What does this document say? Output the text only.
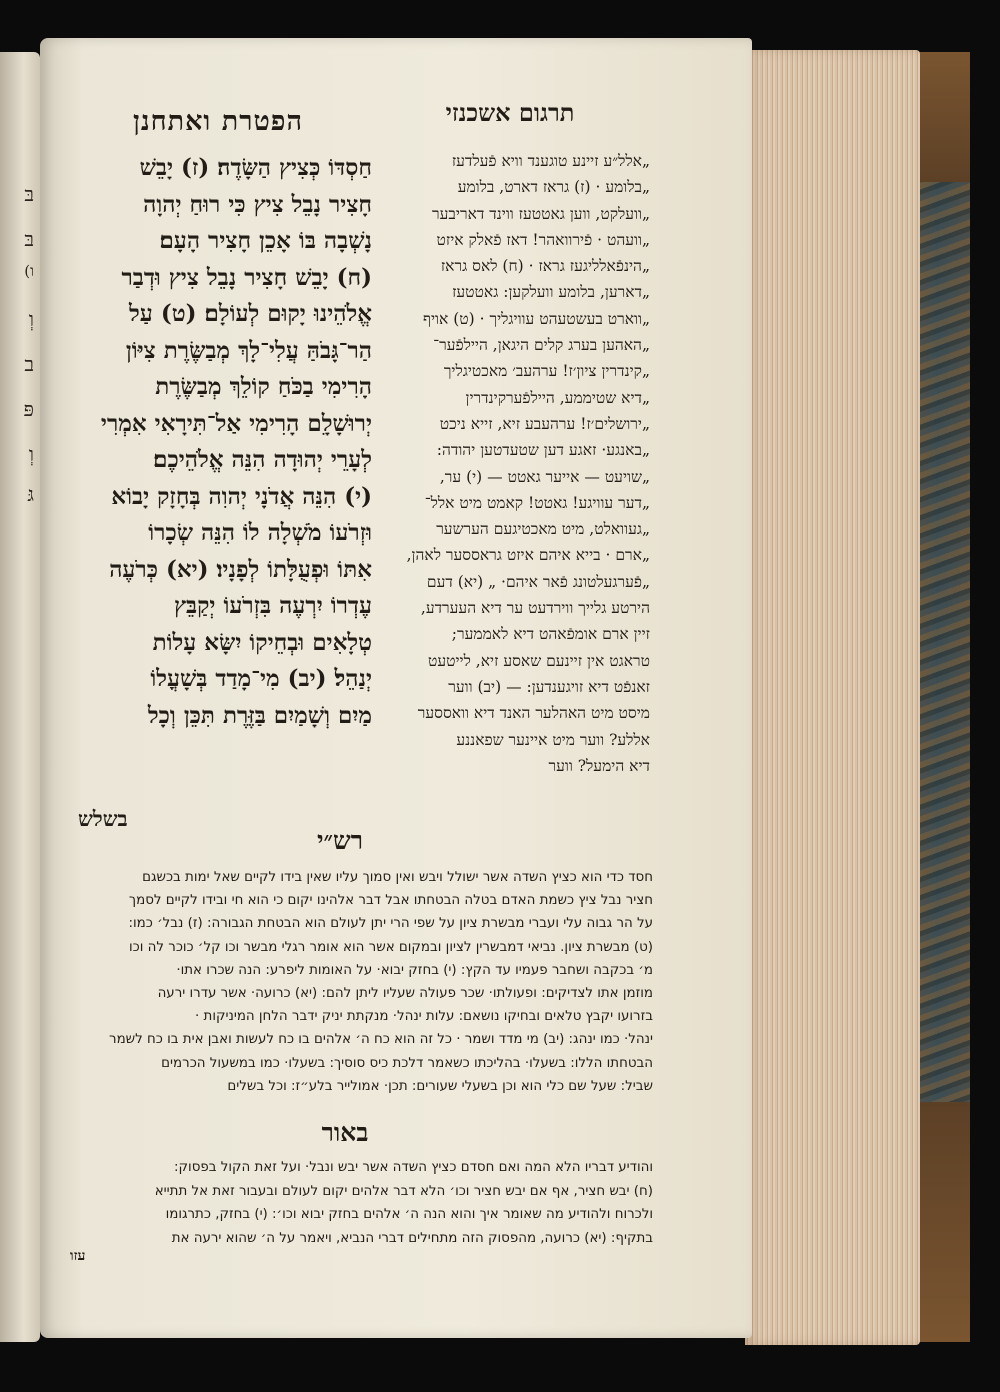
בּ
בּ
(ו
וְ
ב
פּ
וְ
גּ
הפטרת ואתחנן	תרגום אשכנזי
חַסְדּוֹ כְּצִיץ הַשָּׂדֶה׃ (ז) יָבֵשׁ
חָצִיר נָבֵל צִיץ כִּי רוּחַ יְהוָה
נָשְׁבָה בּוֹ אָכֵן חָצִיר הָעָם׃
(ח) יָבֵשׁ חָצִיר נָבֵל צִיץ וּדְבַר
אֱלֹהֵינוּ יָקוּם לְעוֹלָם׃ (ט) עַל
הַר־גָּבֹהַּ עֲלִי־לָךְ מְבַשֶּׂרֶת צִיּוֹן
הָרִימִי בַכֹּחַ קוֹלֵךְ מְבַשֶּׂרֶת
יְרוּשָׁלִָם הָרִימִי אַל־תִּירָאִי אִמְרִי
לְעָרֵי יְהוּדָה הִנֵּה אֱלֹהֵיכֶם׃
(י) הִנֵּה אֲדֹנָי יְהוִה בְּחָזָק יָבוֹא
וּזְרֹעוֹ מֹשְׁלָה לוֹ הִנֵּה שְׂכָרוֹ
אִתּוֹ וּפְעֻלָּתוֹ לְפָנָיו׃ (יא) כְּרֹעֶה
עֶדְרוֹ יִרְעֶה בִּזְרֹעוֹ יְקַבֵּץ
טְלָאִים וּבְחֵיקוֹ יִשָּׂא עָלוֹת
יְנַהֵל׃ (יב) מִי־מָדַד בְּשָׁעֳלוֹ
מַיִם וְשָׁמַיִם בַּזֶּרֶת תִּכֵּן וְכָל
בשלש
„אלל״ע זיינע טוגענד וויא פֿעלדעז
„בלומע · (ז) גראז דארט, בלומע
„וועלקט, ווען גאטטעז ווינד דאריבער
„וועהט · פֿירוואהר! דאז פֿאלק איזט
„הינפֿאלליגעז גראז · (ח) לאס גראז
„דארען, בלומע וועלקען: גאטטעז
„ווארט בעשטעהט עוויגליך · (ט) אויף
„האהען בערג קלים היגאן, היילפֿער־
„קינדרין ציון׳ז! ערהעב׳ מאכטיגליך
„דיא שטיממע, היילפֿערקינדרין
„ירושלים׳ז! ערהעבע זיא, זייא ניכט
„באנגע· זאגע דען שטעדטען יהודה:
„שויעט — אייער גאטט — (י) ער,
„דער עוויגע! גאטט! קאמט מיט אלל־
„געוואלט, מיט מאכטיגעם הערשער
„ארם · בייא איהם איזט גראססער לאהן,
„פֿערגעלטונג פֿאר איהם· „ (יא) דעם
הירטע גלייך ווירדעט ער דיא העערדע,
זיין ארם אומפֿאהט דיא לאממער;
טראגט אין זיינעם שאסע זיא, לייטעט
זאנפֿט דיא זויגענדען: — (יב) ווער
מיסט מיט האהלער האנד דיא וואססער
אללע? ווער מיט איינער שפאננע
דיא הימעל? ווער
רש״י
חסד כדי הוא כציץ השדה אשר ישולל ויבש ואין סמוך עליו שאין בידו לקיים שאל ימות בכשגם
חציר נבל ציץ כשמת האדם בטלה הבטחתו אבל דבר אלהינו יקום כי הוא חי ובידו לקיים לסמך
על הר גבוה עלי ועברי מבשרת ציון על שפי הרי יתן לעולם הוא הבטחת הגבורה: (ז) נבל׳ כמו:
(ט) מבשרת ציון. נביאי דמבשרין לציון ובמקום אשר הוא אומר רגלי מבשר וכו קל׳ כוכר לה וכו
מ׳ בכקבה ושחבר פעמיו עד הקץ: (י) בחזק יבוא· על האומות ליפרע: הנה שכרו אתו·
מוזמן אתו לצדיקים: ופעולתו· שכר פעולה שעליו ליתן להם: (יא) כרועה· אשר עדרו ירעה
בזרועו יקבץ טלאים ובחיקו נושאם: עלות ינהל· מנקתת יניק ידבר הלחן המיניקות ·
ינהל· כמו ינהג: (יב) מי מדד ושמר · כל זה הוא כח ה׳ אלהים בו כח לעשות ואבן אית בו כח לשמר
הבטחתו הללו: בשעלו· בהליכתו כשאמר דלכת כיס סוסיך: בשעלו· כמו במשעול הכרמים
שביל: שעל שם כלי הוא וכן בשעלי שעורים: תכן· אמולייר בלע״ז: וכל בשלים
באור
והודיע דבריו הלא המה ואם חסדם כציץ השדה אשר יבש ונבל· ועל זאת הקול בפסוק:
(ח) יבש חציר, אף אם יבש חציר וכו׳ הלא דבר אלהים יקום לעולם ובעבור זאת אל תתייא
ולכרוח ולהודיע מה שאומר איך והוא הנה ה׳ אלהים בחזק יבוא וכו׳: (י) בחזק, כתרגומו
בתקיף: (יא) כרועה, מהפסוק הזה מתחילים דברי הנביא, ויאמר על ה׳ שהוא ירעה את
עזו
